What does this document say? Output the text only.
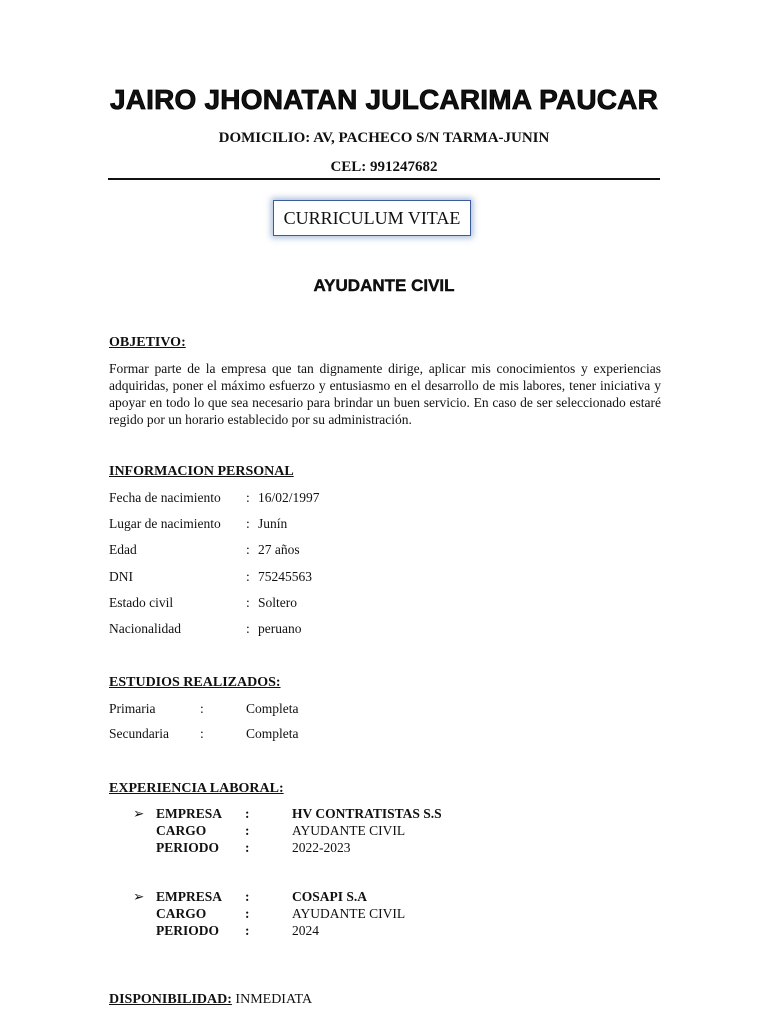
JAIRO JHONATAN JULCARIMA PAUCAR
DOMICILIO: AV, PACHECO S/N TARMA-JUNIN
CEL: 991247682
CURRICULUM VITAE
AYUDANTE CIVIL
OBJETIVO:
Formar parte de la empresa que tan dignamente dirige, aplicar mis conocimientos y experiencias adquiridas, poner el máximo esfuerzo y entusiasmo en el desarrollo de mis labores, tener iniciativa y apoyar en todo lo que sea necesario para brindar un buen servicio. En caso de ser seleccionado estaré regido por un horario establecido por su administración.
INFORMACION PERSONAL
Fecha de nacimiento : 16/02/1997
Lugar de nacimiento : Junín
Edad	: 27 años
DNI	: 75245563
Estado civil	: Soltero
Nacionalidad	: peruano
ESTUDIOS REALIZADOS:
Primaria	:	Completa
Secundaria :	Completa
EXPERIENCIA LABORAL:
➢ EMPRESA :	HV CONTRATISTAS S.S
CARGO	:	AYUDANTE CIVIL
PERIODO :	2022-2023
➢ EMPRESA :	COSAPI S.A
CARGO	:	AYUDANTE CIVIL
PERIODO :	2024
DISPONIBILIDAD: INMEDIATA
